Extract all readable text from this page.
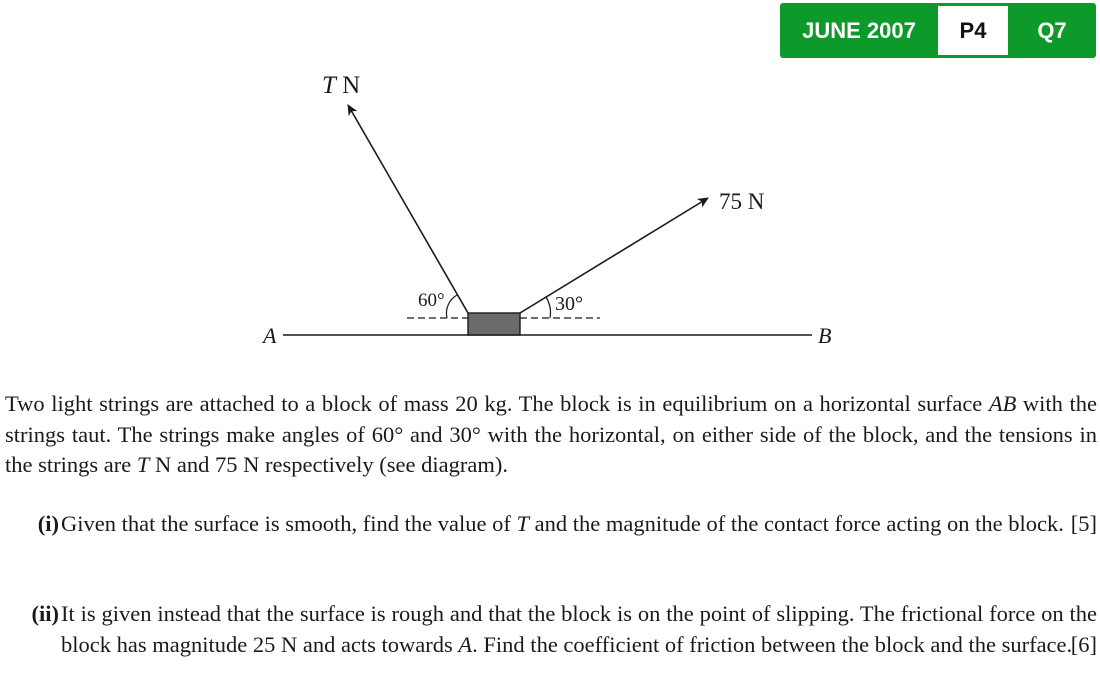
JUNE 2007	P4	Q7
T N
75 N
60°	30°
A	B
Two light strings are attached to a block of mass 20 kg. The block is in equilibrium on a horizontal surface AB with the strings taut. The strings make angles of 60° and 30° with the horizontal, on either side of the block, and the tensions in the strings are T N and 75 N respectively (see diagram).
(i) Given that the surface is smooth, find the value of T and the magnitude of the contact force acting on the block. [5]
(ii) It is given instead that the surface is rough and that the block is on the point of slipping. The frictional force on the block has magnitude 25 N and acts towards A. Find the coefficient of friction between the block and the surface.
[6]
